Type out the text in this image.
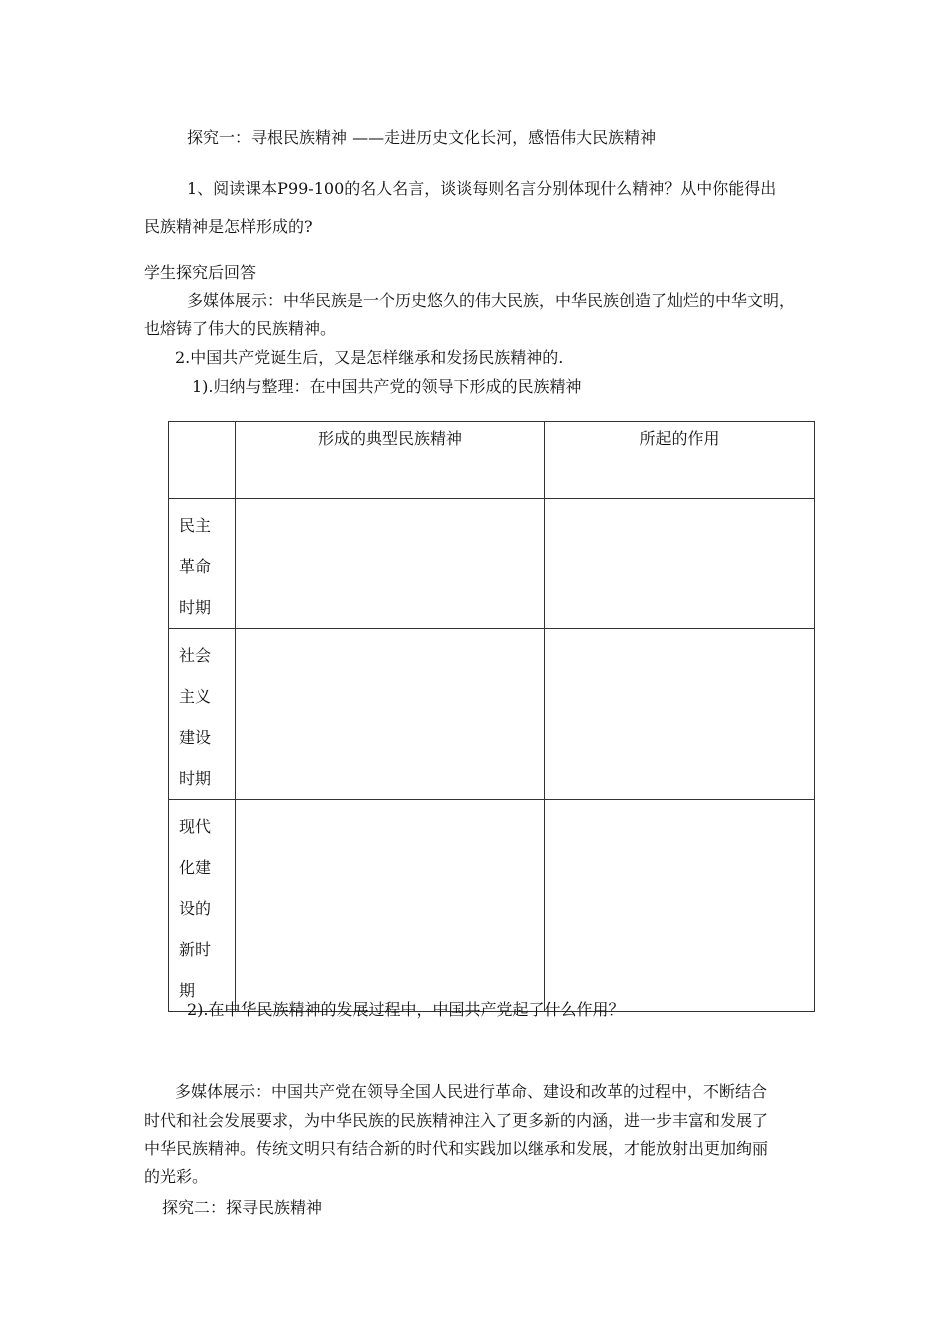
探究一：寻根民族精神 ——走进历史文化长河，感悟伟大民族精神
1、阅读课本P99-100的名人名言，谈谈每则名言分别体现什么精神？从中你能得出
民族精神是怎样形成的?
学生探究后回答
多媒体展示：中华民族是一个历史悠久的伟大民族，中华民族创造了灿烂的中华文明，
也熔铸了伟大的民族精神。
2.中国共产党诞生后，又是怎样继承和发扬民族精神的.
1).归纳与整理：在中国共产党的领导下形成的民族精神
	形成的典型民族精神	所起的作用

民主
革命
时期		

社会
主义
建设
时期		

现代
化建
设的
新时
期		

2).在中华民族精神的发展过程中，中国共产党起了什么作用？
多媒体展示：中国共产党在领导全国人民进行革命、建设和改革的过程中，不断结合
时代和社会发展要求，为中华民族的民族精神注入了更多新的内涵，进一步丰富和发展了
中华民族精神。传统文明只有结合新的时代和实践加以继承和发展，才能放射出更加绚丽
的光彩。
探究二：探寻民族精神
